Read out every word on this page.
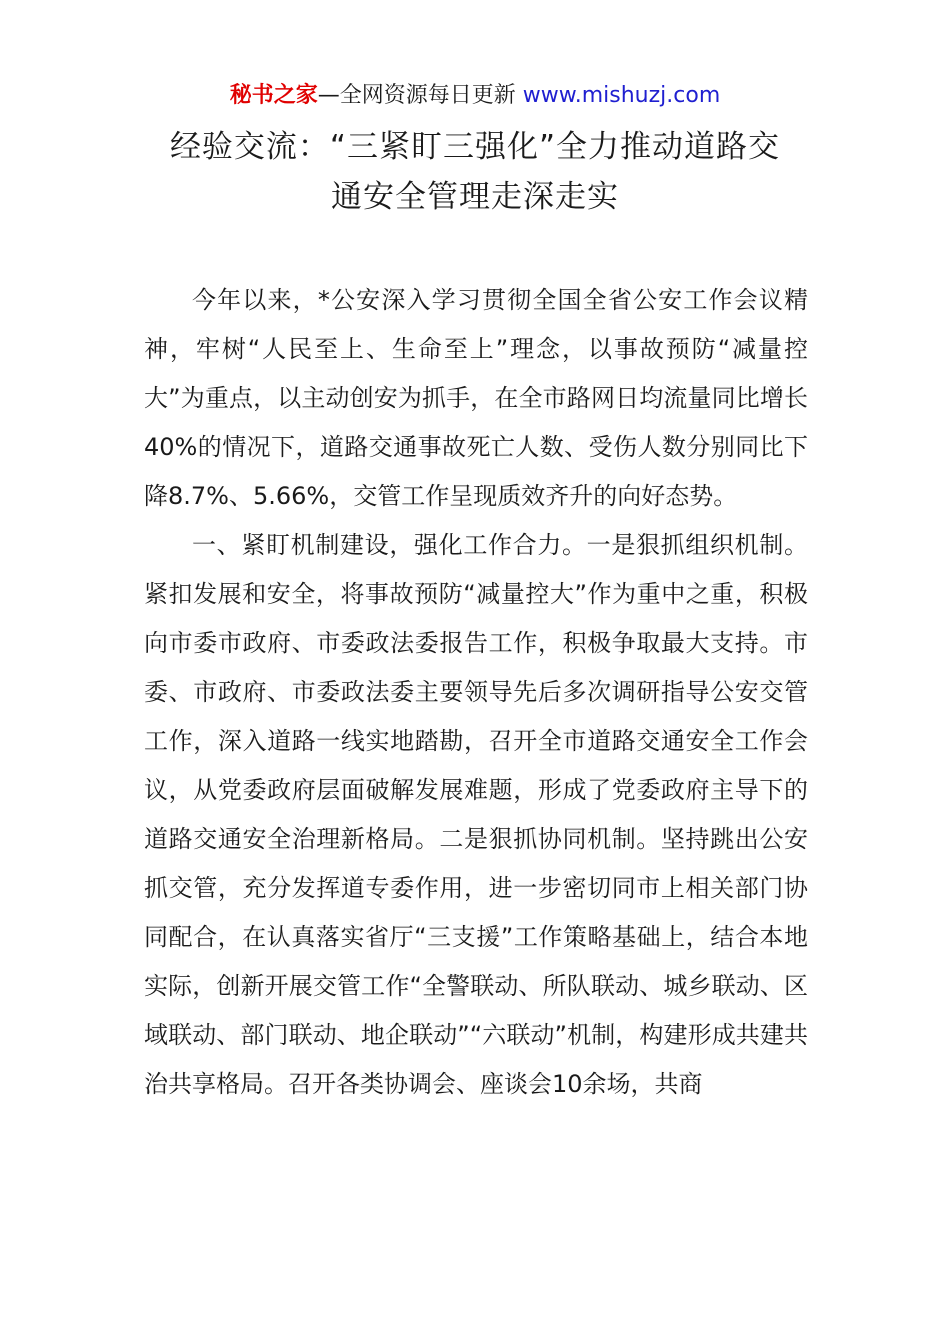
秘书之家—全网资源每日更新 www.mishuzj.com
经验交流：“三紧盯三强化”全力推动道路交
通安全管理走深走实

今年以来，*公安深入学习贯彻全国全省公安工作会议精神，牢树“人民至上、生命至上”理念，以事故预防“减量控大”为重点，以主动创安为抓手，在全市路网日均流量同比增长40%的情况下，道路交通事故死亡人数、受伤人数分别同比下降8.7%、5.66%，交管工作呈现质效齐升的向好态势。

一、紧盯机制建设，强化工作合力。一是狠抓组织机制。紧扣发展和安全，将事故预防“减量控大”作为重中之重，积极向市委市政府、市委政法委报告工作，积极争取最大支持。市委、市政府、市委政法委主要领导先后多次调研指导公安交管工作，深入道路一线实地踏勘，召开全市道路交通安全工作会议，从党委政府层面破解发展难题，形成了党委政府主导下的道路交通安全治理新格局。二是狠抓协同机制。坚持跳出公安抓交管，充分发挥道专委作用，进一步密切同市上相关部门协同配合，在认真落实省厅“三支援”工作策略基础上，结合本地实际，创新开展交管工作“全警联动、所队联动、城乡联动、区域联动、部门联动、地企联动”“六联动”机制，构建形成共建共治共享格局。召开各类协调会、座谈会10余场，共商
